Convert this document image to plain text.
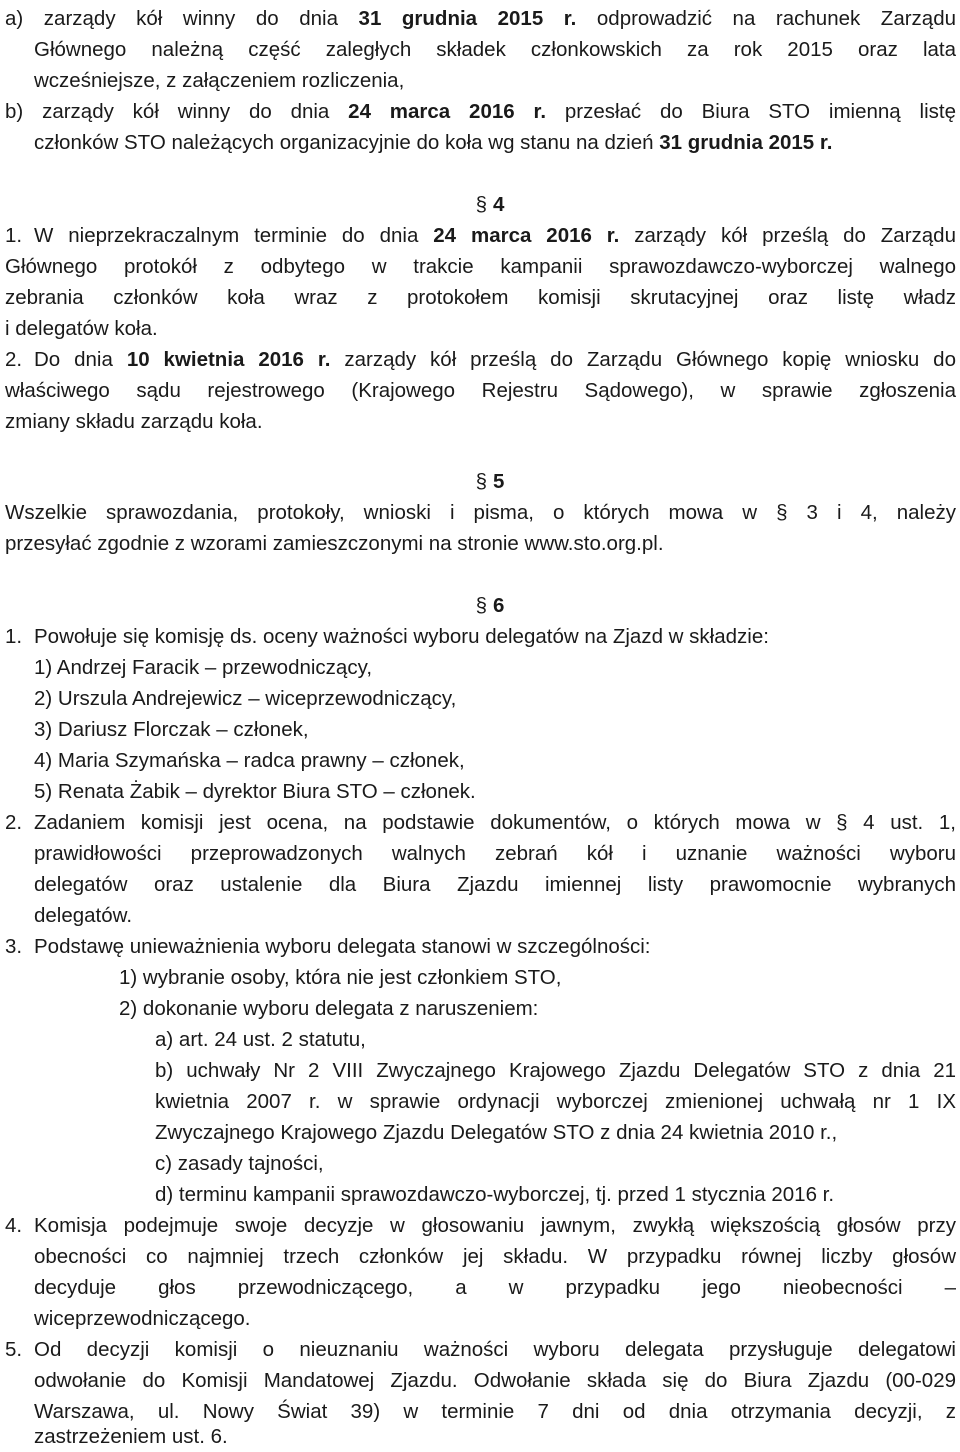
a) zarządy kół winny do dnia 31 grudnia 2015 r. odprowadzić na rachunek Zarządu
Głównego należną część zaległych składek członkowskich za rok 2015 oraz lata
wcześniejsze, z załączeniem rozliczenia,
b) zarządy kół winny do dnia 24 marca 2016 r. przesłać do Biura STO imienną listę
członków STO należących organizacyjnie do koła wg stanu na dzień 31 grudnia 2015 r.
§ 4
1. W nieprzekraczalnym terminie do dnia 24 marca 2016 r. zarządy kół prześlą do Zarządu
Głównego protokół z odbytego w trakcie kampanii sprawozdawczo-wyborczej walnego
zebrania członków koła wraz z protokołem komisji skrutacyjnej oraz listę władz
i delegatów koła.
2. Do dnia 10 kwietnia 2016 r. zarządy kół prześlą do Zarządu Głównego kopię wniosku do
właściwego sądu rejestrowego (Krajowego Rejestru Sądowego), w sprawie zgłoszenia
zmiany składu zarządu koła.
§ 5
Wszelkie sprawozdania, protokoły, wnioski i pisma, o których mowa w § 3 i 4, należy
przesyłać zgodnie z wzorami zamieszczonymi na stronie www.sto.org.pl.
§ 6
1. Powołuje się komisję ds. oceny ważności wyboru delegatów na Zjazd w składzie:
1) Andrzej Faracik – przewodniczący,
2) Urszula Andrejewicz – wiceprzewodniczący,
3) Dariusz Florczak – członek,
4) Maria Szymańska – radca prawny – członek,
5) Renata Żabik – dyrektor Biura STO – członek.
2. Zadaniem komisji jest ocena, na podstawie dokumentów, o których mowa w § 4 ust. 1,
prawidłowości przeprowadzonych walnych zebrań kół i uznanie ważności wyboru
delegatów oraz ustalenie dla Biura Zjazdu imiennej listy prawomocnie wybranych
delegatów.
3. Podstawę unieważnienia wyboru delegata stanowi w szczególności:
1) wybranie osoby, która nie jest członkiem STO,
2) dokonanie wyboru delegata z naruszeniem:
a) art. 24 ust. 2 statutu,
b) uchwały Nr 2 VIII Zwyczajnego Krajowego Zjazdu Delegatów STO z dnia 21
kwietnia 2007 r. w sprawie ordynacji wyborczej zmienionej uchwałą nr 1 IX
Zwyczajnego Krajowego Zjazdu Delegatów STO z dnia 24 kwietnia 2010 r.,
c) zasady tajności,
d) terminu kampanii sprawozdawczo-wyborczej, tj. przed 1 stycznia 2016 r.
4. Komisja podejmuje swoje decyzje w głosowaniu jawnym, zwykłą większością głosów przy
obecności co najmniej trzech członków jej składu. W przypadku równej liczby głosów
decyduje głos przewodniczącego, a w przypadku jego nieobecności –
wiceprzewodniczącego.
5. Od decyzji komisji o nieuznaniu ważności wyboru delegata przysługuje delegatowi
odwołanie do Komisji Mandatowej Zjazdu. Odwołanie składa się do Biura Zjazdu (00-029
Warszawa, ul. Nowy Świat 39) w terminie 7 dni od dnia otrzymania decyzji, z
zastrzeżeniem ust. 6.
